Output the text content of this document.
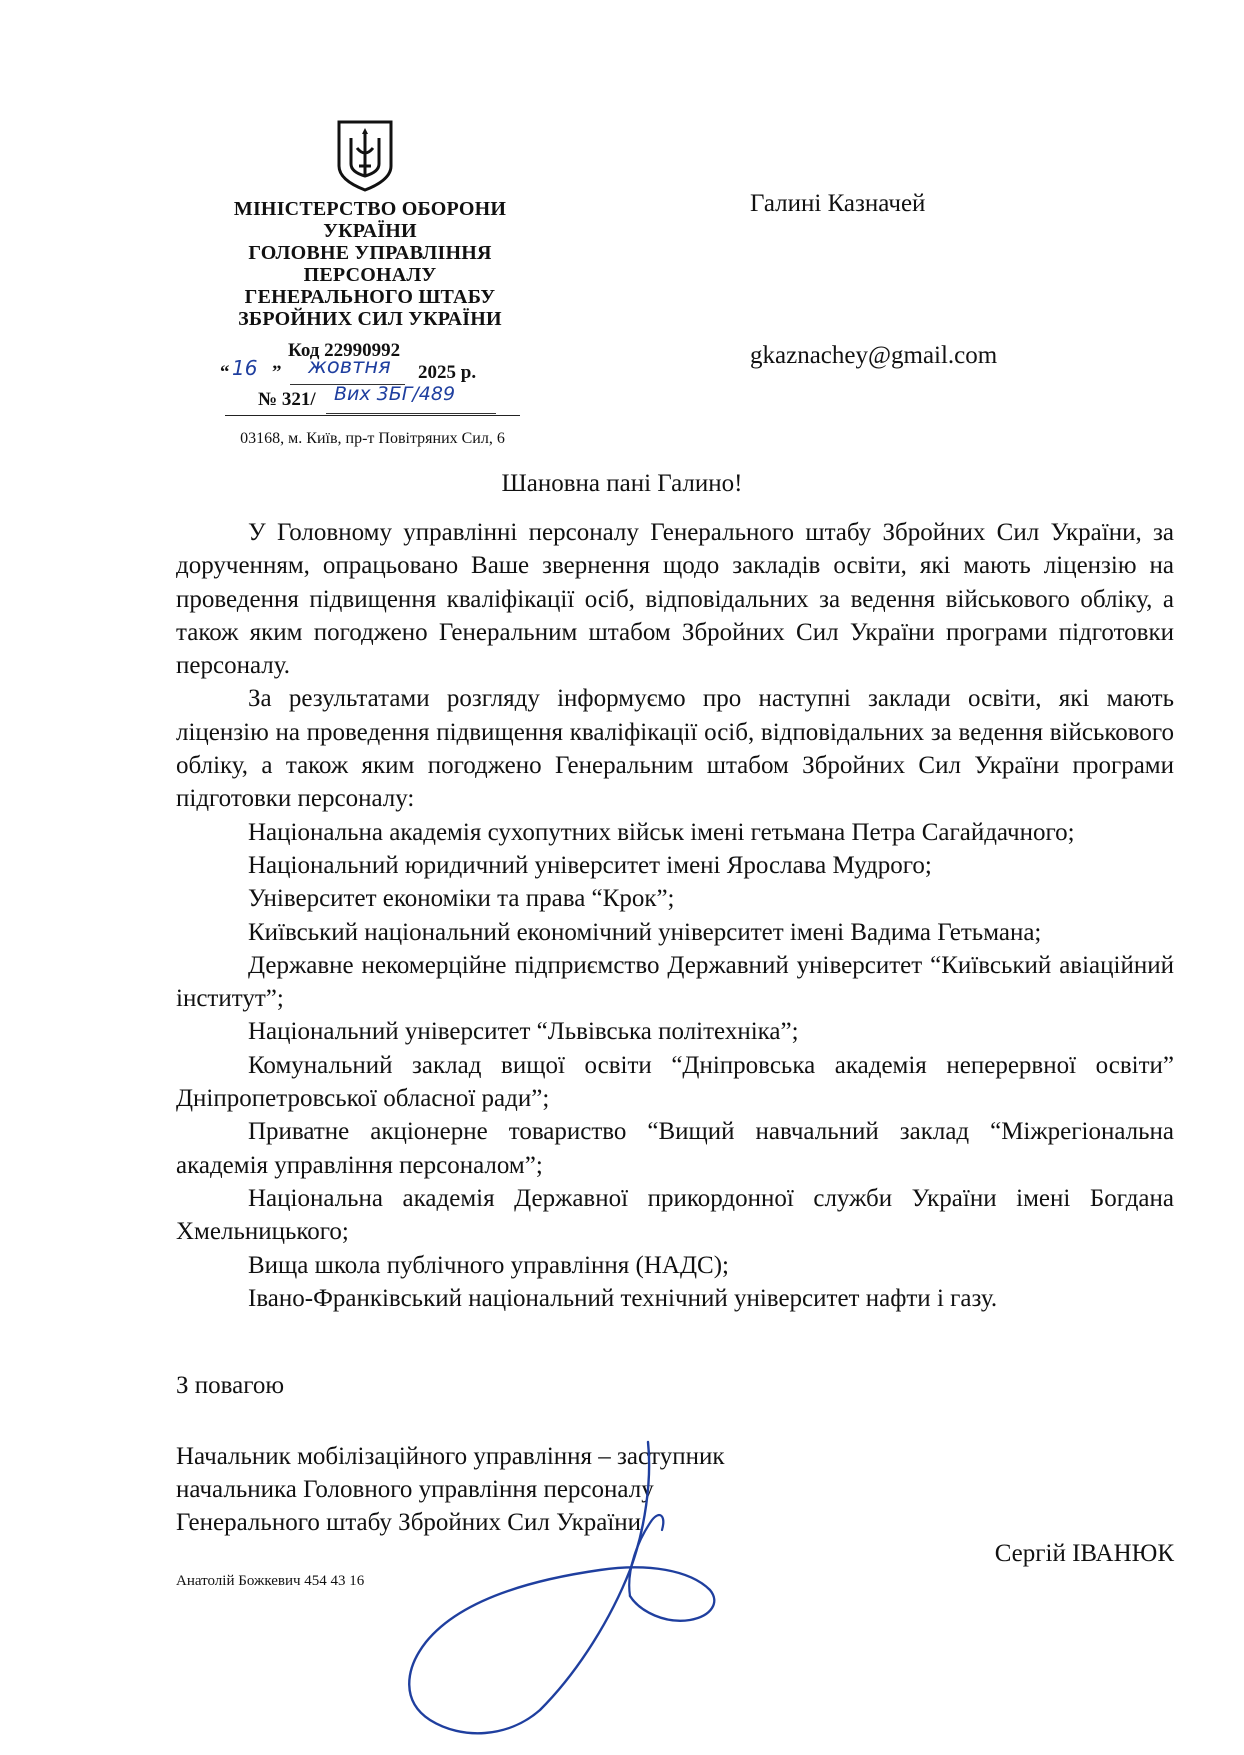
МІНІСТЕРСТВО ОБОРОНИ
УКРАЇНИ
ГОЛОВНЕ УПРАВЛІННЯ
ПЕРСОНАЛУ
ГЕНЕРАЛЬНОГО ШТАБУ
ЗБРОЙНИХ СИЛ УКРАЇНИ
Код 22990992
“ 16 ” жовтня 2025 р.
№ 321/ Вих 3БГ/489
03168, м. Київ, пр-т Повітряних Сил, 6
Галині Казначей
gkaznachey@gmail.com
Шановна пані Галино!

У Головному управлінні персоналу Генерального штабу Збройних Сил України, за дорученням, опрацьовано Ваше звернення щодо закладів освіти, які мають ліцензію на проведення підвищення кваліфікації осіб, відповідальних за ведення військового обліку, а також яким погоджено Генеральним штабом Збройних Сил України програми підготовки персоналу.

За результатами розгляду інформуємо про наступні заклади освіти, які мають ліцензію на проведення підвищення кваліфікації осіб, відповідальних за ведення військового обліку, а також яким погоджено Генеральним штабом Збройних Сил України програми підготовки персоналу:

Національна академія сухопутних військ імені гетьмана Петра Сагайдачного;
Національний юридичний університет імені Ярослава Мудрого;
Університет економіки та права “Крок”;
Київський національний економічний університет імені Вадима Гетьмана;
Державне некомерційне підприємство Державний університет “Київський авіаційний інститут”;
Національний університет “Львівська політехніка”;
Комунальний заклад вищої освіти “Дніпровська академія неперервної освіти” Дніпропетровської обласної ради”;
Приватне акціонерне товариство “Вищий навчальний заклад “Міжрегіональна академія управління персоналом”;
Національна академія Державної прикордонної служби України імені Богдана Хмельницького;
Вища школа публічного управління (НАДС);
Івано-Франківський національний технічний університет нафти і газу.
З повагою
Начальник мобілізаційного управління – заступник
начальника Головного управління персоналу
Генерального штабу Збройних Сил України
Сергій ІВАНЮК
Анатолій Божкевич 454 43 16
